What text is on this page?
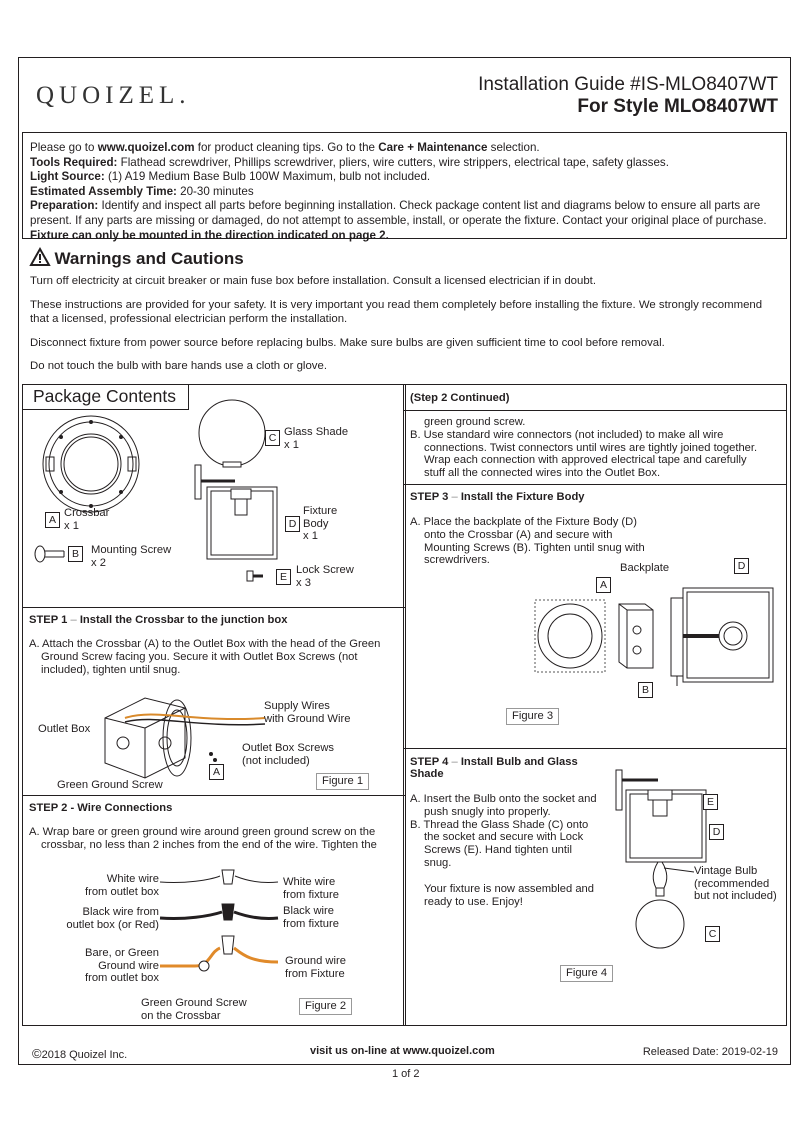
QUOIZEL.	Installation Guide #IS-MLO8407WT
For Style MLO8407WT

Please go to www.quoizel.com for product cleaning tips. Go to the Care + Maintenance selection.

Tools Required: Flathead screwdriver, Phillips screwdriver, pliers, wire cutters, wire strippers, electrical tape, safety glasses.

Light Source: (1) A19 Medium Base Bulb 100W Maximum, bulb not included.

Estimated Assembly Time: 20-30 minutes

Preparation: Identify and inspect all parts before beginning installation. Check package content list and diagrams below to ensure all parts are present. If any parts are missing or damaged, do not attempt to assemble, install, or operate the fixture. Contact your original place of purchase.

Fixture can only be mounted in the direction indicated on page 2.

Warnings and Cautions

Turn off electricity at circuit breaker or main fuse box before installation. Consult a licensed electrician if in doubt.

These instructions are provided for your safety. It is very important you read them completely before installing the fixture. We strongly recommend that a licensed, professional electrician perform the installation.

Disconnect fixture from power source before replacing bulbs. Make sure bulbs are given sufficient time to cool before removal.

Do not touch the bulb with bare hands use a cloth or glove.

Package Contents
A
Crossbar
x 1
B	Mounting Screw
x 2
C Glass Shade
x 1
D
Fixture
Body
x 1
E
Lock Screw
x 3
STEP 1 – Install the Crossbar to the junction box
A. Attach the Crossbar (A) to the Outlet Box with the head of the Green
Ground Screw facing you. Secure it with Outlet Box Screws (not
included), tighten until snug.
Outlet Box
Supply Wires
with Ground Wire
Outlet Box Screws
(not included)
Green Ground Screw
A
Figure 1
STEP 2 - Wire Connections
A. Wrap bare or green ground wire around green ground screw on the
crossbar, no less than 2 inches from the end of the wire. Tighten the
White wire
from outlet box
White wire
from fixture
Black wire from
outlet box (or Red)
Black wire
from fixture
Bare, or Green
Ground wire
from outlet box
Ground wire
from Fixture
Green Ground Screw
on the Crossbar
Figure 2
(Step 2 Continued)
green ground screw.
B. Use standard wire connectors (not included) to make all wire
connections. Twist connectors until wires are tightly joined together.
Wrap each connection with approved electrical tape and carefully
stuff all the connected wires into the Outlet Box.
STEP 3 – Install the Fixture Body
A. Place the backplate of the Fixture Body (D)
onto the Crossbar (A) and secure with
Mounting Screws (B). Tighten until snug with
screwdrivers.
Backplate	D
A
B
Figure 3
STEP 4 – Install Bulb and Glass
Shade
A. Insert the Bulb onto the socket and
push snugly into properly.
B. Thread the Glass Shade (C) onto
the socket and secure with Lock
Screws (E). Hand tighten until
snug.
Your fixture is now assembled and
ready to use. Enjoy!
E
D
Vintage Bulb
(recommended
but not included)
C
Figure 4
©2018 Quoizel Inc.	visit us on-line at www.quoizel.com	Released Date: 2019-02-19
1 of 2
